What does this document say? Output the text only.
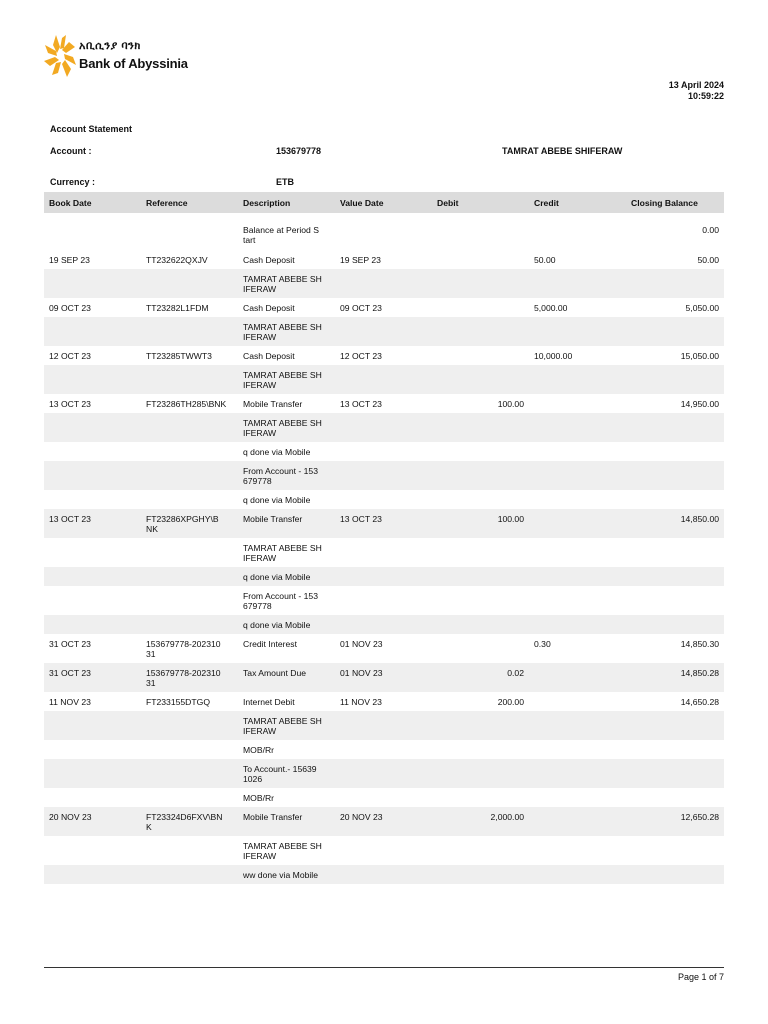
አቢሲንያ ባንክ
Bank of Abyssinia
13 April 2024
10:59:22
Account Statement
Account :	153679778	TAMRAT ABEBE SHIFERAW
Currency :	ETB
Book Date	Reference	Description	Value Date	Debit	Credit	Closing Balance
		Balance at Period S
tart				0.00
19 SEP 23	TT232622QXJV	Cash Deposit	19 SEP 23		50.00	50.00
		TAMRAT ABEBE SH
IFERAW				
09 OCT 23	TT23282L1FDM	Cash Deposit	09 OCT 23		5,000.00	5,050.00
		TAMRAT ABEBE SH
IFERAW				
12 OCT 23	TT23285TWWT3	Cash Deposit	12 OCT 23		10,000.00	15,050.00
		TAMRAT ABEBE SH
IFERAW				
13 OCT 23	FT23286TH285\BNK	Mobile Transfer	13 OCT 23	100.00		14,950.00
		TAMRAT ABEBE SH
IFERAW				
		q done via Mobile				
		From Account - 153
679778				
		q done via Mobile				
13 OCT 23	FT23286XPGHY\B
NK	Mobile Transfer	13 OCT 23	100.00		14,850.00
		TAMRAT ABEBE SH
IFERAW				
		q done via Mobile				
		From Account - 153
679778				
		q done via Mobile				
31 OCT 23	153679778-202310
31	Credit Interest	01 NOV 23		0.30	14,850.30
31 OCT 23	153679778-202310
31	Tax Amount Due	01 NOV 23	0.02		14,850.28
11 NOV 23	FT233155DTGQ	Internet Debit	11 NOV 23	200.00		14,650.28
		TAMRAT ABEBE SH
IFERAW				
		MOB/Rr				
		To Account.- 15639
1026				
		MOB/Rr				
20 NOV 23	FT23324D6FXV\BN
K	Mobile Transfer	20 NOV 23	2,000.00		12,650.28
		TAMRAT ABEBE SH
IFERAW				
		ww done via Mobile				
Page 1 of 7
